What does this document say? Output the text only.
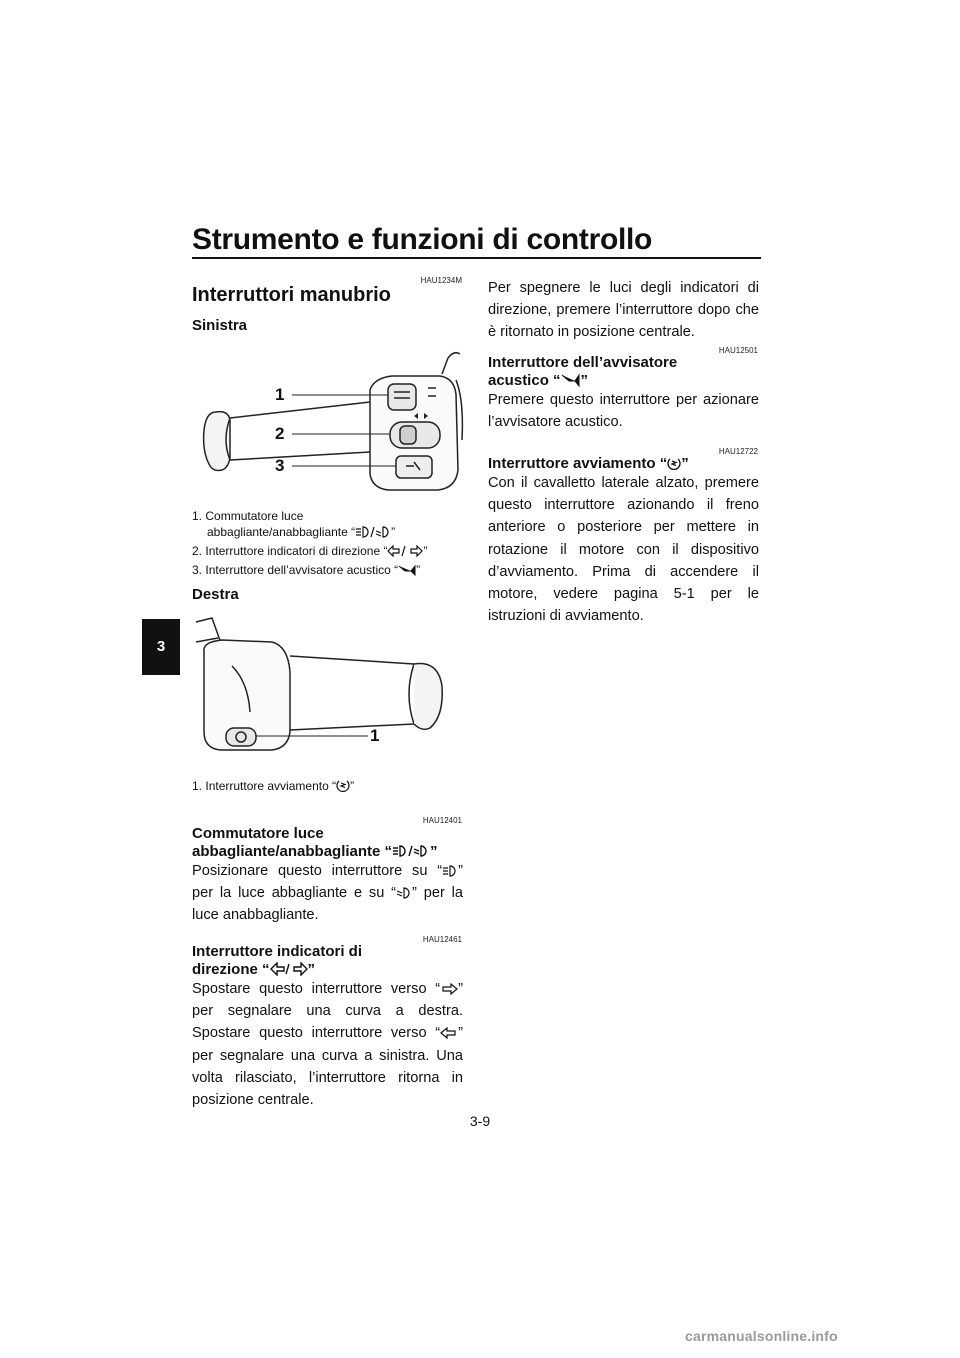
Strumento e funzioni di controllo
3
HAU1234M
Interruttori manubrio
Sinistra
1
2
3
1. Commutatore luce
abbagliante/anabbagliante “	”
2. Interruttore indicatori di direzione “	”
3. Interruttore dell’avvisatore acustico “ ”
Destra
1
1. Interruttore avviamento “ ”
HAU12401
Commutatore luce
abbagliante/anabbagliante “	”

Posizionare questo interruttore su “ ” per la luce abbagliante e su “ ” per la luce anabbagliante.

HAU12461
Interruttore indicatori di
direzione “	”

Spostare questo interruttore verso “ ” per segnalare una curva a destra. Spostare questo interruttore verso “ ” per segnalare una curva a sinistra. Una volta rilasciato, l’interruttore ritorna in posizione centrale.

Per spegnere le luci degli indicatori di direzione, premere l’interruttore dopo che è ritornato in posizione centrale.

HAU12501
Interruttore dell’avvisatore
acustico “ ”

Premere questo interruttore per azionare l’avvisatore acustico.

HAU12722
Interruttore avviamento “ ”

Con il cavalletto laterale alzato, premere questo interruttore azionando il freno anteriore o posteriore per mettere in rotazione il motore con il dispositivo d’avviamento. Prima di accendere il motore, vedere pagina 5-1 per le istruzioni di avviamento.

3-9
carmanualsonline.info
